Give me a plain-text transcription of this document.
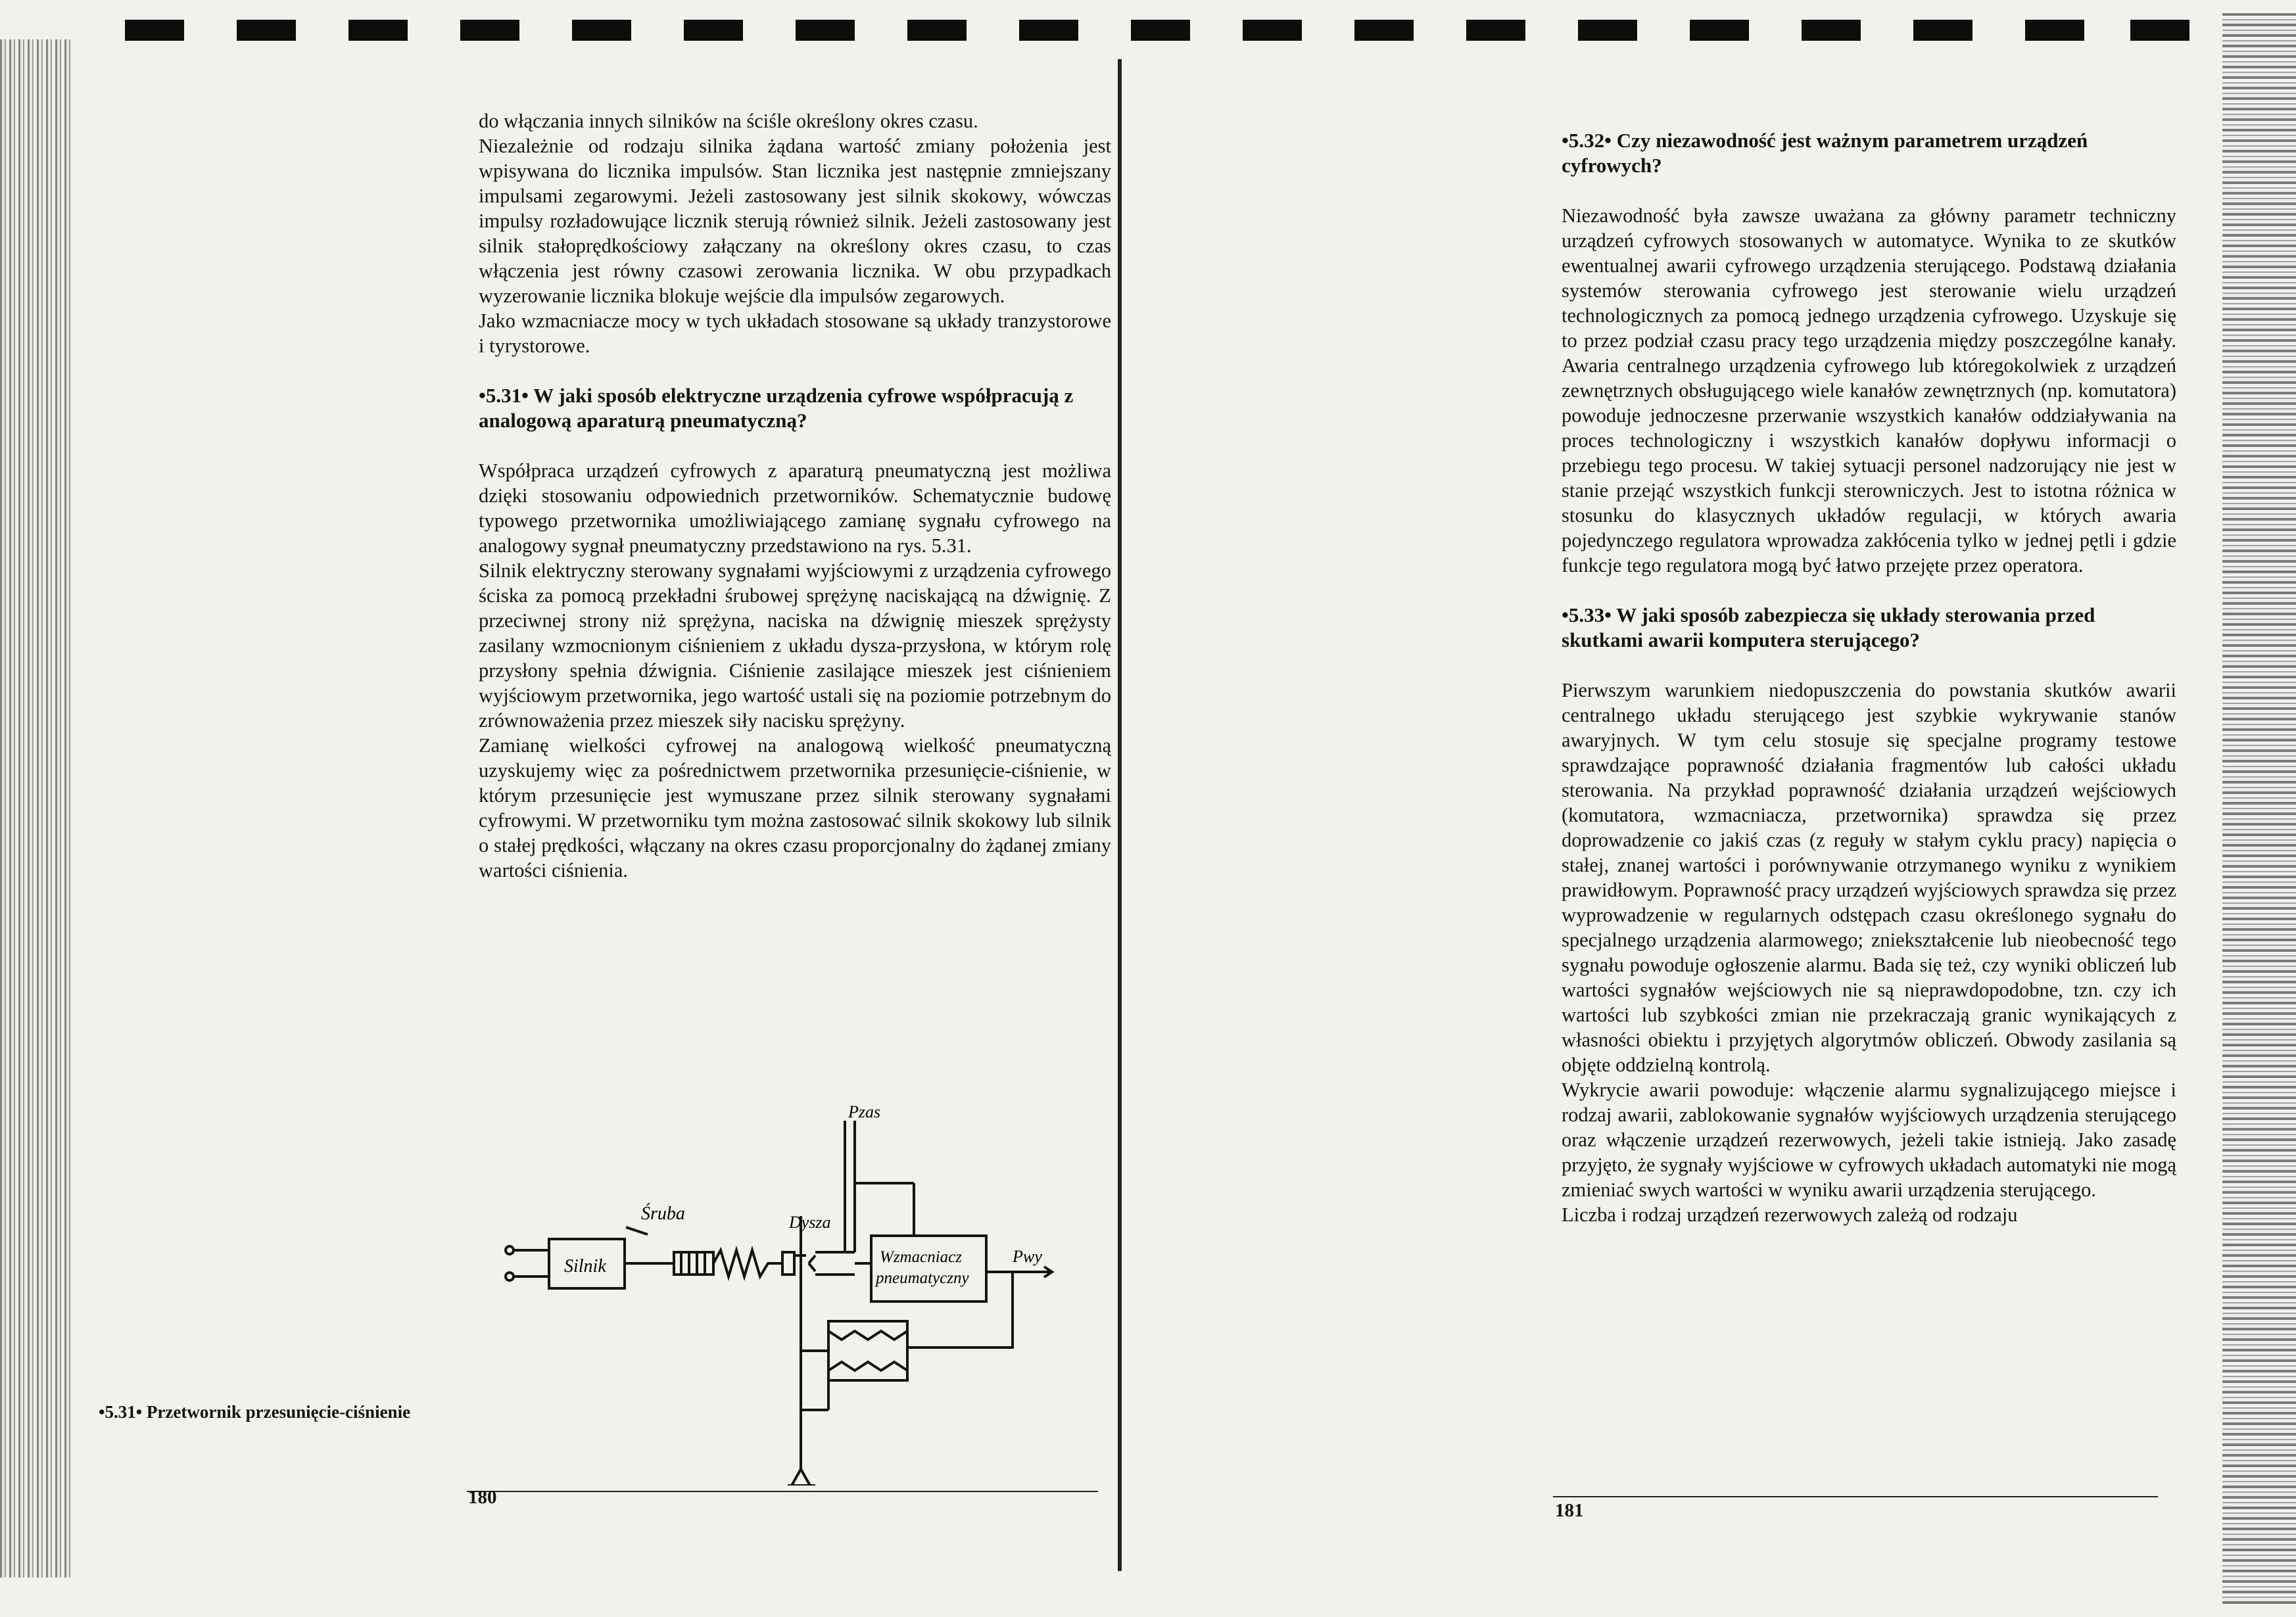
do włączania innych silników na ściśle określony okres czasu.

Niezależnie od rodzaju silnika żądana wartość zmiany położenia jest wpisywana do licznika impulsów. Stan licznika jest następnie zmniejszany impulsami zegarowymi. Jeżeli zastosowany jest silnik skokowy, wówczas impulsy rozładowujące licznik sterują również silnik. Jeżeli zastosowany jest silnik stałoprędkościowy załączany na określony okres czasu, to czas włączenia jest równy czasowi zerowania licznika. W obu przypadkach wyzerowanie licznika blokuje wejście dla impulsów zegarowych.

Jako wzmacniacze mocy w tych układach stosowane są układy tranzystorowe i tyrystorowe.

•5.31• W jaki sposób elektryczne urządzenia cyfrowe współpracują z analogową aparaturą pneumatyczną?

Współpraca urządzeń cyfrowych z aparaturą pneumatyczną jest możliwa dzięki stosowaniu odpowiednich przetworników. Schematycznie budowę typowego przetwornika umożliwiającego zamianę sygnału cyfrowego na analogowy sygnał pneumatyczny przedstawiono na rys. 5.31.

Silnik elektryczny sterowany sygnałami wyjściowymi z urządzenia cyfrowego ściska za pomocą przekładni śrubowej sprężynę naciskającą na dźwignię. Z przeciwnej strony niż sprężyna, naciska na dźwignię mieszek sprężysty zasilany wzmocnionym ciśnieniem z układu dysza-przysłona, w którym rolę przysłony spełnia dźwignia. Ciśnienie zasilające mieszek jest ciśnieniem wyjściowym przetwornika, jego wartość ustali się na poziomie potrzebnym do zrównoważenia przez mieszek siły nacisku sprężyny.

Zamianę wielkości cyfrowej na analogową wielkość pneumatyczną uzyskujemy więc za pośrednictwem przetwornika przesunięcie-ciśnienie, w którym przesunięcie jest wymuszane przez silnik sterowany sygnałami cyfrowymi. W przetworniku tym można zastosować silnik skokowy lub silnik o stałej prędkości, włączany na okres czasu proporcjonalny do żądanej zmiany wartości ciśnienia.

Silnik
Śruba	Dysza
Wzmacniacz
pneumatyczny
Pzas
Pwy
•5.31• Przetwornik przesunięcie-ciśnienie
180
•5.32• Czy niezawodność jest ważnym parametrem urządzeń cyfrowych?

Niezawodność była zawsze uważana za główny parametr techniczny urządzeń cyfrowych stosowanych w automatyce. Wynika to ze skutków ewentualnej awarii cyfrowego urządzenia sterującego. Podstawą działania systemów sterowania cyfrowego jest sterowanie wielu urządzeń technologicznych za pomocą jednego urządzenia cyfrowego. Uzyskuje się to przez podział czasu pracy tego urządzenia między poszczególne kanały. Awaria centralnego urządzenia cyfrowego lub któregokolwiek z urządzeń zewnętrznych obsługującego wiele kanałów zewnętrznych (np. komutatora) powoduje jednoczesne przerwanie wszystkich kanałów oddziaływania na proces technologiczny i wszystkich kanałów dopływu informacji o przebiegu tego procesu. W takiej sytuacji personel nadzorujący nie jest w stanie przejąć wszystkich funkcji sterowniczych. Jest to istotna różnica w stosunku do klasycznych układów regulacji, w których awaria pojedynczego regulatora wprowadza zakłócenia tylko w jednej pętli i gdzie funkcje tego regulatora mogą być łatwo przejęte przez operatora.

•5.33• W jaki sposób zabezpiecza się układy sterowania przed skutkami awarii komputera sterującego?

Pierwszym warunkiem niedopuszczenia do powstania skutków awarii centralnego układu sterującego jest szybkie wykrywanie stanów awaryjnych. W tym celu stosuje się specjalne programy testowe sprawdzające poprawność działania fragmentów lub całości układu sterowania. Na przykład poprawność działania urządzeń wejściowych (komutatora, wzmacniacza, przetwornika) sprawdza się przez doprowadzenie co jakiś czas (z reguły w stałym cyklu pracy) napięcia o stałej, znanej wartości i porównywanie otrzymanego wyniku z wynikiem prawidłowym. Poprawność pracy urządzeń wyjściowych sprawdza się przez wyprowadzenie w regularnych odstępach czasu określonego sygnału do specjalnego urządzenia alarmowego; zniekształcenie lub nieobecność tego sygnału powoduje ogłoszenie alarmu. Bada się też, czy wyniki obliczeń lub wartości sygnałów wejściowych nie są nieprawdopodobne, tzn. czy ich wartości lub szybkości zmian nie przekraczają granic wynikających z własności obiektu i przyjętych algorytmów obliczeń. Obwody zasilania są objęte oddzielną kontrolą.

Wykrycie awarii powoduje: włączenie alarmu sygnalizującego miejsce i rodzaj awarii, zablokowanie sygnałów wyjściowych urządzenia sterującego oraz włączenie urządzeń rezerwowych, jeżeli takie istnieją. Jako zasadę przyjęto, że sygnały wyjściowe w cyfrowych układach automatyki nie mogą zmieniać swych wartości w wyniku awarii urządzenia sterującego.

Liczba i rodzaj urządzeń rezerwowych zależą od rodzaju

181
